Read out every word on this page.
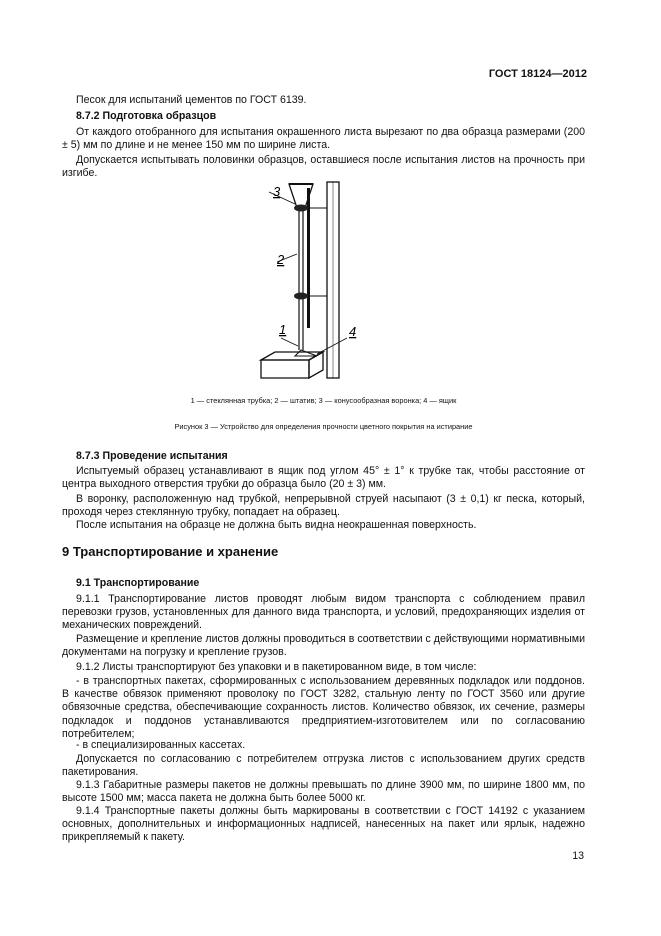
ГОСТ 18124—2012
Песок для испытаний цементов по ГОСТ 6139.
8.7.2 Подготовка образцов
От каждого отобранного для испытания окрашенного листа вырезают по два образца размерами (200 ± 5) мм по длине и не менее 150 мм по ширине листа.
Допускается испытывать половинки образцов, оставшиеся после испытания листов на прочность при изгибе.
3
2
1	4
1 — стеклянная трубка; 2 — штатив; 3 — конусообразная воронка; 4 — ящик
Рисунок 3 — Устройство для определения прочности цветного покрытия на истирание
8.7.3 Проведение испытания
Испытуемый образец устанавливают в ящик под углом 45° ± 1° к трубке так, чтобы расстояние от центра выходного отверстия трубки до образца было (20 ± 3) мм.
В воронку, расположенную над трубкой, непрерывной струей насыпают (3 ± 0,1) кг песка, который, проходя через стеклянную трубку, попадает на образец.
После испытания на образце не должна быть видна неокрашенная поверхность.
9 Транспортирование и хранение
9.1 Транспортирование
9.1.1 Транспортирование листов проводят любым видом транспорта с соблюдением правил перевозки грузов, установленных для данного вида транспорта, и условий, предохраняющих изделия от механических повреждений.
Размещение и крепление листов должны проводиться в соответствии с действующими нормативными документами на погрузку и крепление грузов.
9.1.2 Листы транспортируют без упаковки и в пакетированном виде, в том числе:
- в транспортных пакетах, сформированных с использованием деревянных подкладок или поддонов. В качестве обвязок применяют проволоку по ГОСТ 3282, стальную ленту по ГОСТ 3560 или другие обвязочные средства, обеспечивающие сохранность листов. Количество обвязок, их сечение, размеры подкладок и поддонов устанавливаются предприятием-изготовителем или по согласованию потребителем;
- в специализированных кассетах.
Допускается по согласованию с потребителем отгрузка листов с использованием других средств пакетирования.
9.1.3 Габаритные размеры пакетов не должны превышать по длине 3900 мм, по ширине 1800 мм, по высоте 1500 мм; масса пакета не должна быть более 5000 кг.
9.1.4 Транспортные пакеты должны быть маркированы в соответствии с ГОСТ 14192 с указанием основных, дополнительных и информационных надписей, нанесенных на пакет или ярлык, надежно прикрепляемый к пакету.
13
